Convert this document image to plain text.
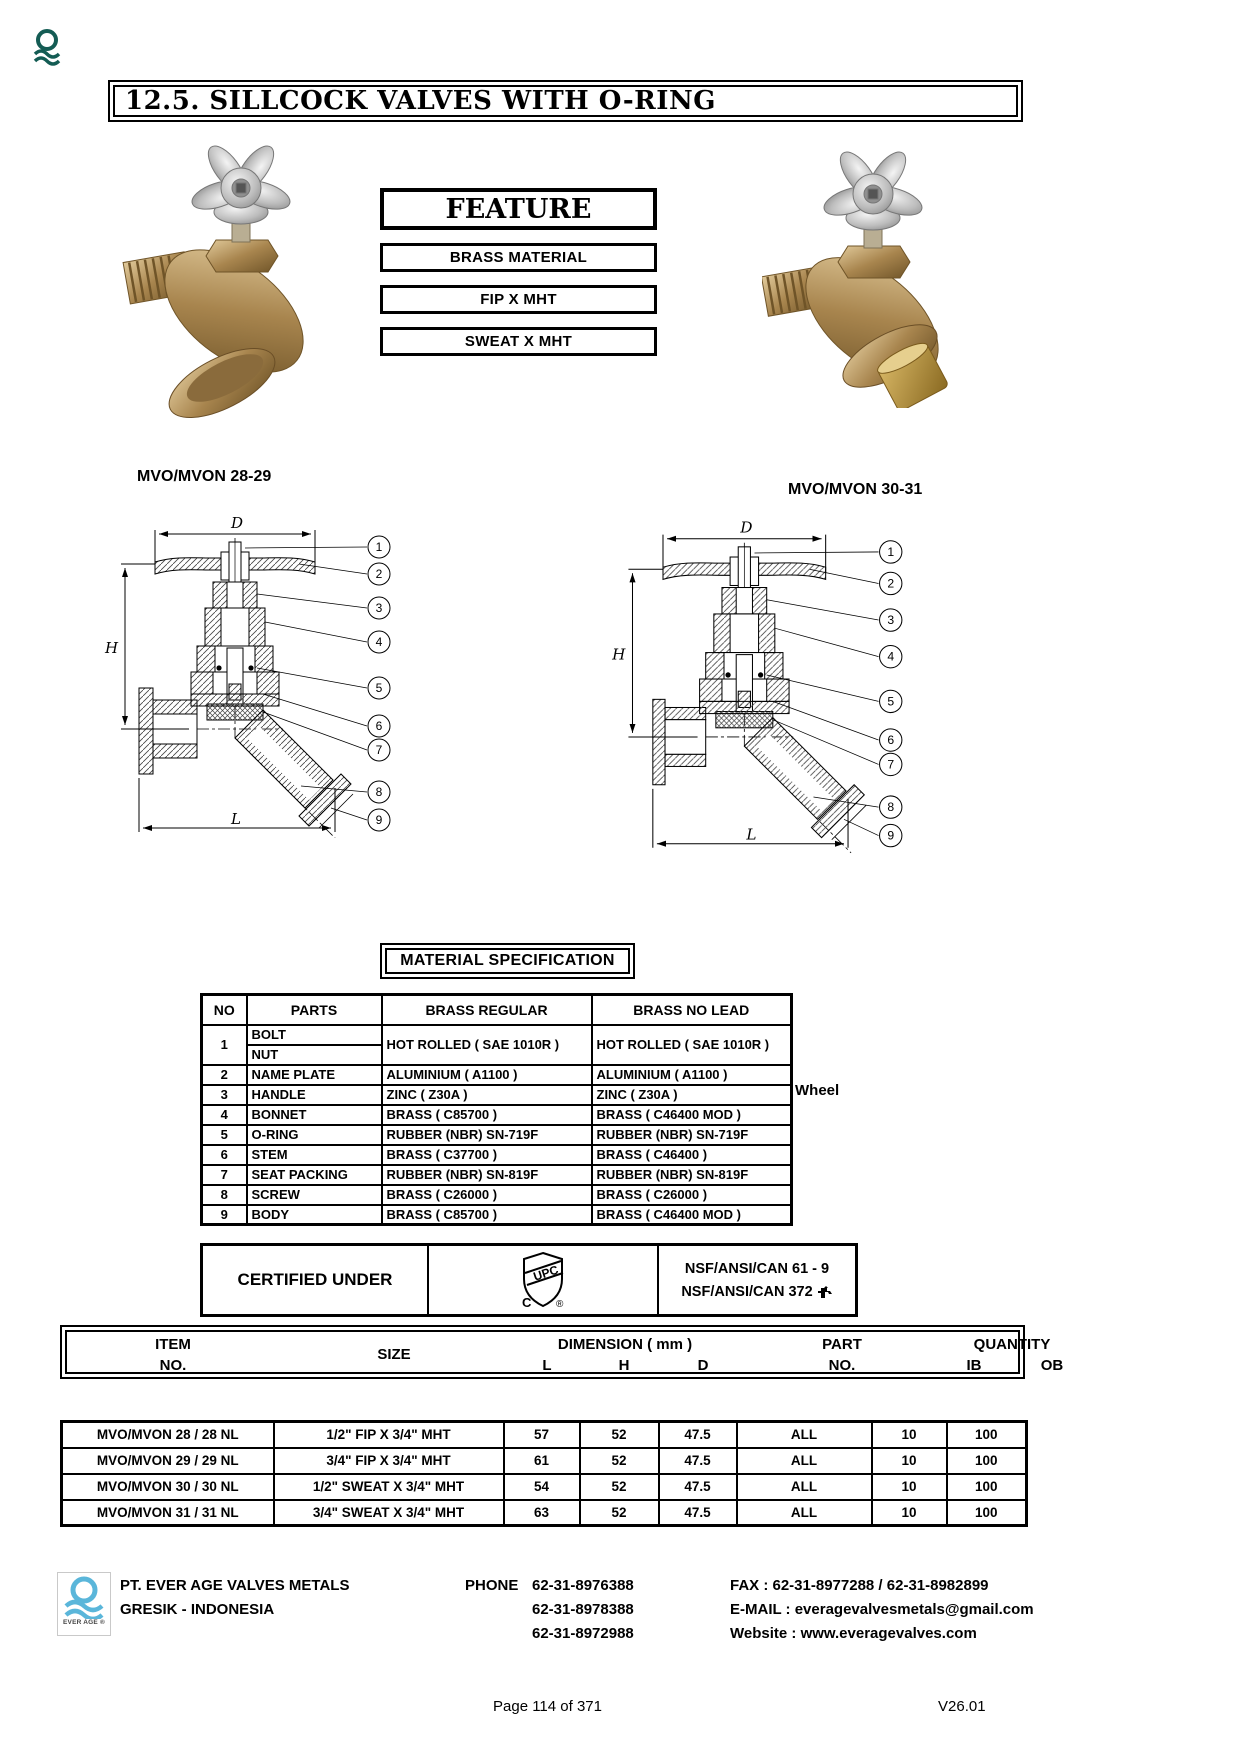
12.5. SILLCOCK VALVES WITH O-RING
FEATURE
BRASS MATERIAL
FIP X MHT
SWEAT X MHT
MVO/MVON 28-29
MVO/MVON 30-31
1
2
3
4
5
6
7
8
9
D
H
L
1
2
3
4
5
6
7
8
9
D
H
L
MATERIAL SPECIFICATION
NO	PARTS	BRASS REGULAR	BRASS NO LEAD
1	BOLT	HOT ROLLED ( SAE 1010R )	HOT ROLLED ( SAE 1010R )
	NUT		
2	NAME PLATE	ALUMINIUM ( A1100 )	ALUMINIUM ( A1100 )
3	HANDLE	ZINC ( Z30A )	ZINC ( Z30A )
4	BONNET	BRASS ( C85700 )	BRASS ( C46400 MOD )
5	O-RING	RUBBER (NBR) SN-719F	RUBBER (NBR) SN-719F
6	STEM	BRASS ( C37700 )	BRASS ( C46400 )
7	SEAT PACKING	RUBBER (NBR) SN-819F	RUBBER (NBR) SN-819F
8	SCREW	BRASS ( C26000 )	BRASS ( C26000 )
9	BODY	BRASS ( C85700 )	BRASS ( C46400 MOD )
Wheel
CERTIFIED UNDER	UPC
C ®
NSF/ANSI/CAN 61 - 9
NSF/ANSI/CAN 372
ITEM
NO.
SIZE
DIMENSION ( mm )
L	H	D
PART
NO.
QUANTITY
IB	OB
MVO/MVON 28 / 28 NL	1/2" FIP X 3/4" MHT	57	52	47.5	ALL	10	100
MVO/MVON 29 / 29 NL	3/4" FIP X 3/4" MHT	61	52	47.5	ALL	10	100
MVO/MVON 30 / 30 NL	1/2" SWEAT X 3/4" MHT	54	52	47.5	ALL	10	100
MVO/MVON 31 / 31 NL	3/4" SWEAT X 3/4" MHT	63	52	47.5	ALL	10	100
EVER AGE ®
PT. EVER AGE VALVES METALS
GRESIK - INDONESIA
PHONE 62-31-8976388
62-31-8978388
62-31-8972988
FAX : 62-31-8977288 / 62-31-8982899
E-MAIL : everagevalvesmetals@gmail.com
Website : www.everagevalves.com
Page 114 of 371	V26.01
